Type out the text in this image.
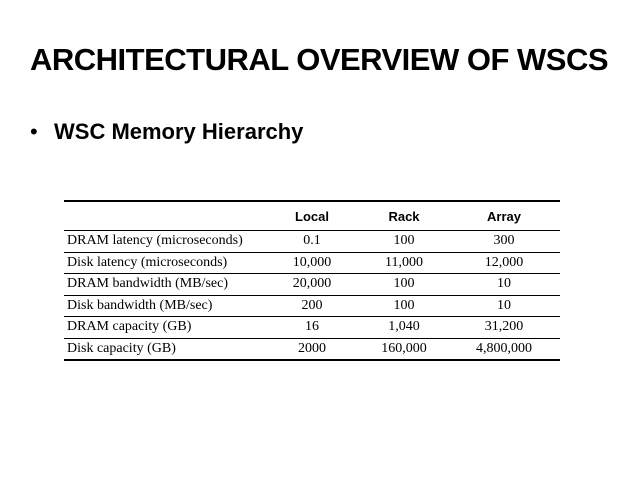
ARCHITECTURAL OVERVIEW OF WSCS
• WSC Memory Hierarchy
	Local	Rack	Array
DRAM latency (microseconds)	0.1	100	300
Disk latency (microseconds)	10,000	11,000	12,000
DRAM bandwidth (MB/sec)	20,000	100	10
Disk bandwidth (MB/sec)	200	100	10
DRAM capacity (GB)	16	1,040	31,200
Disk capacity (GB)	2000	160,000	4,800,000
